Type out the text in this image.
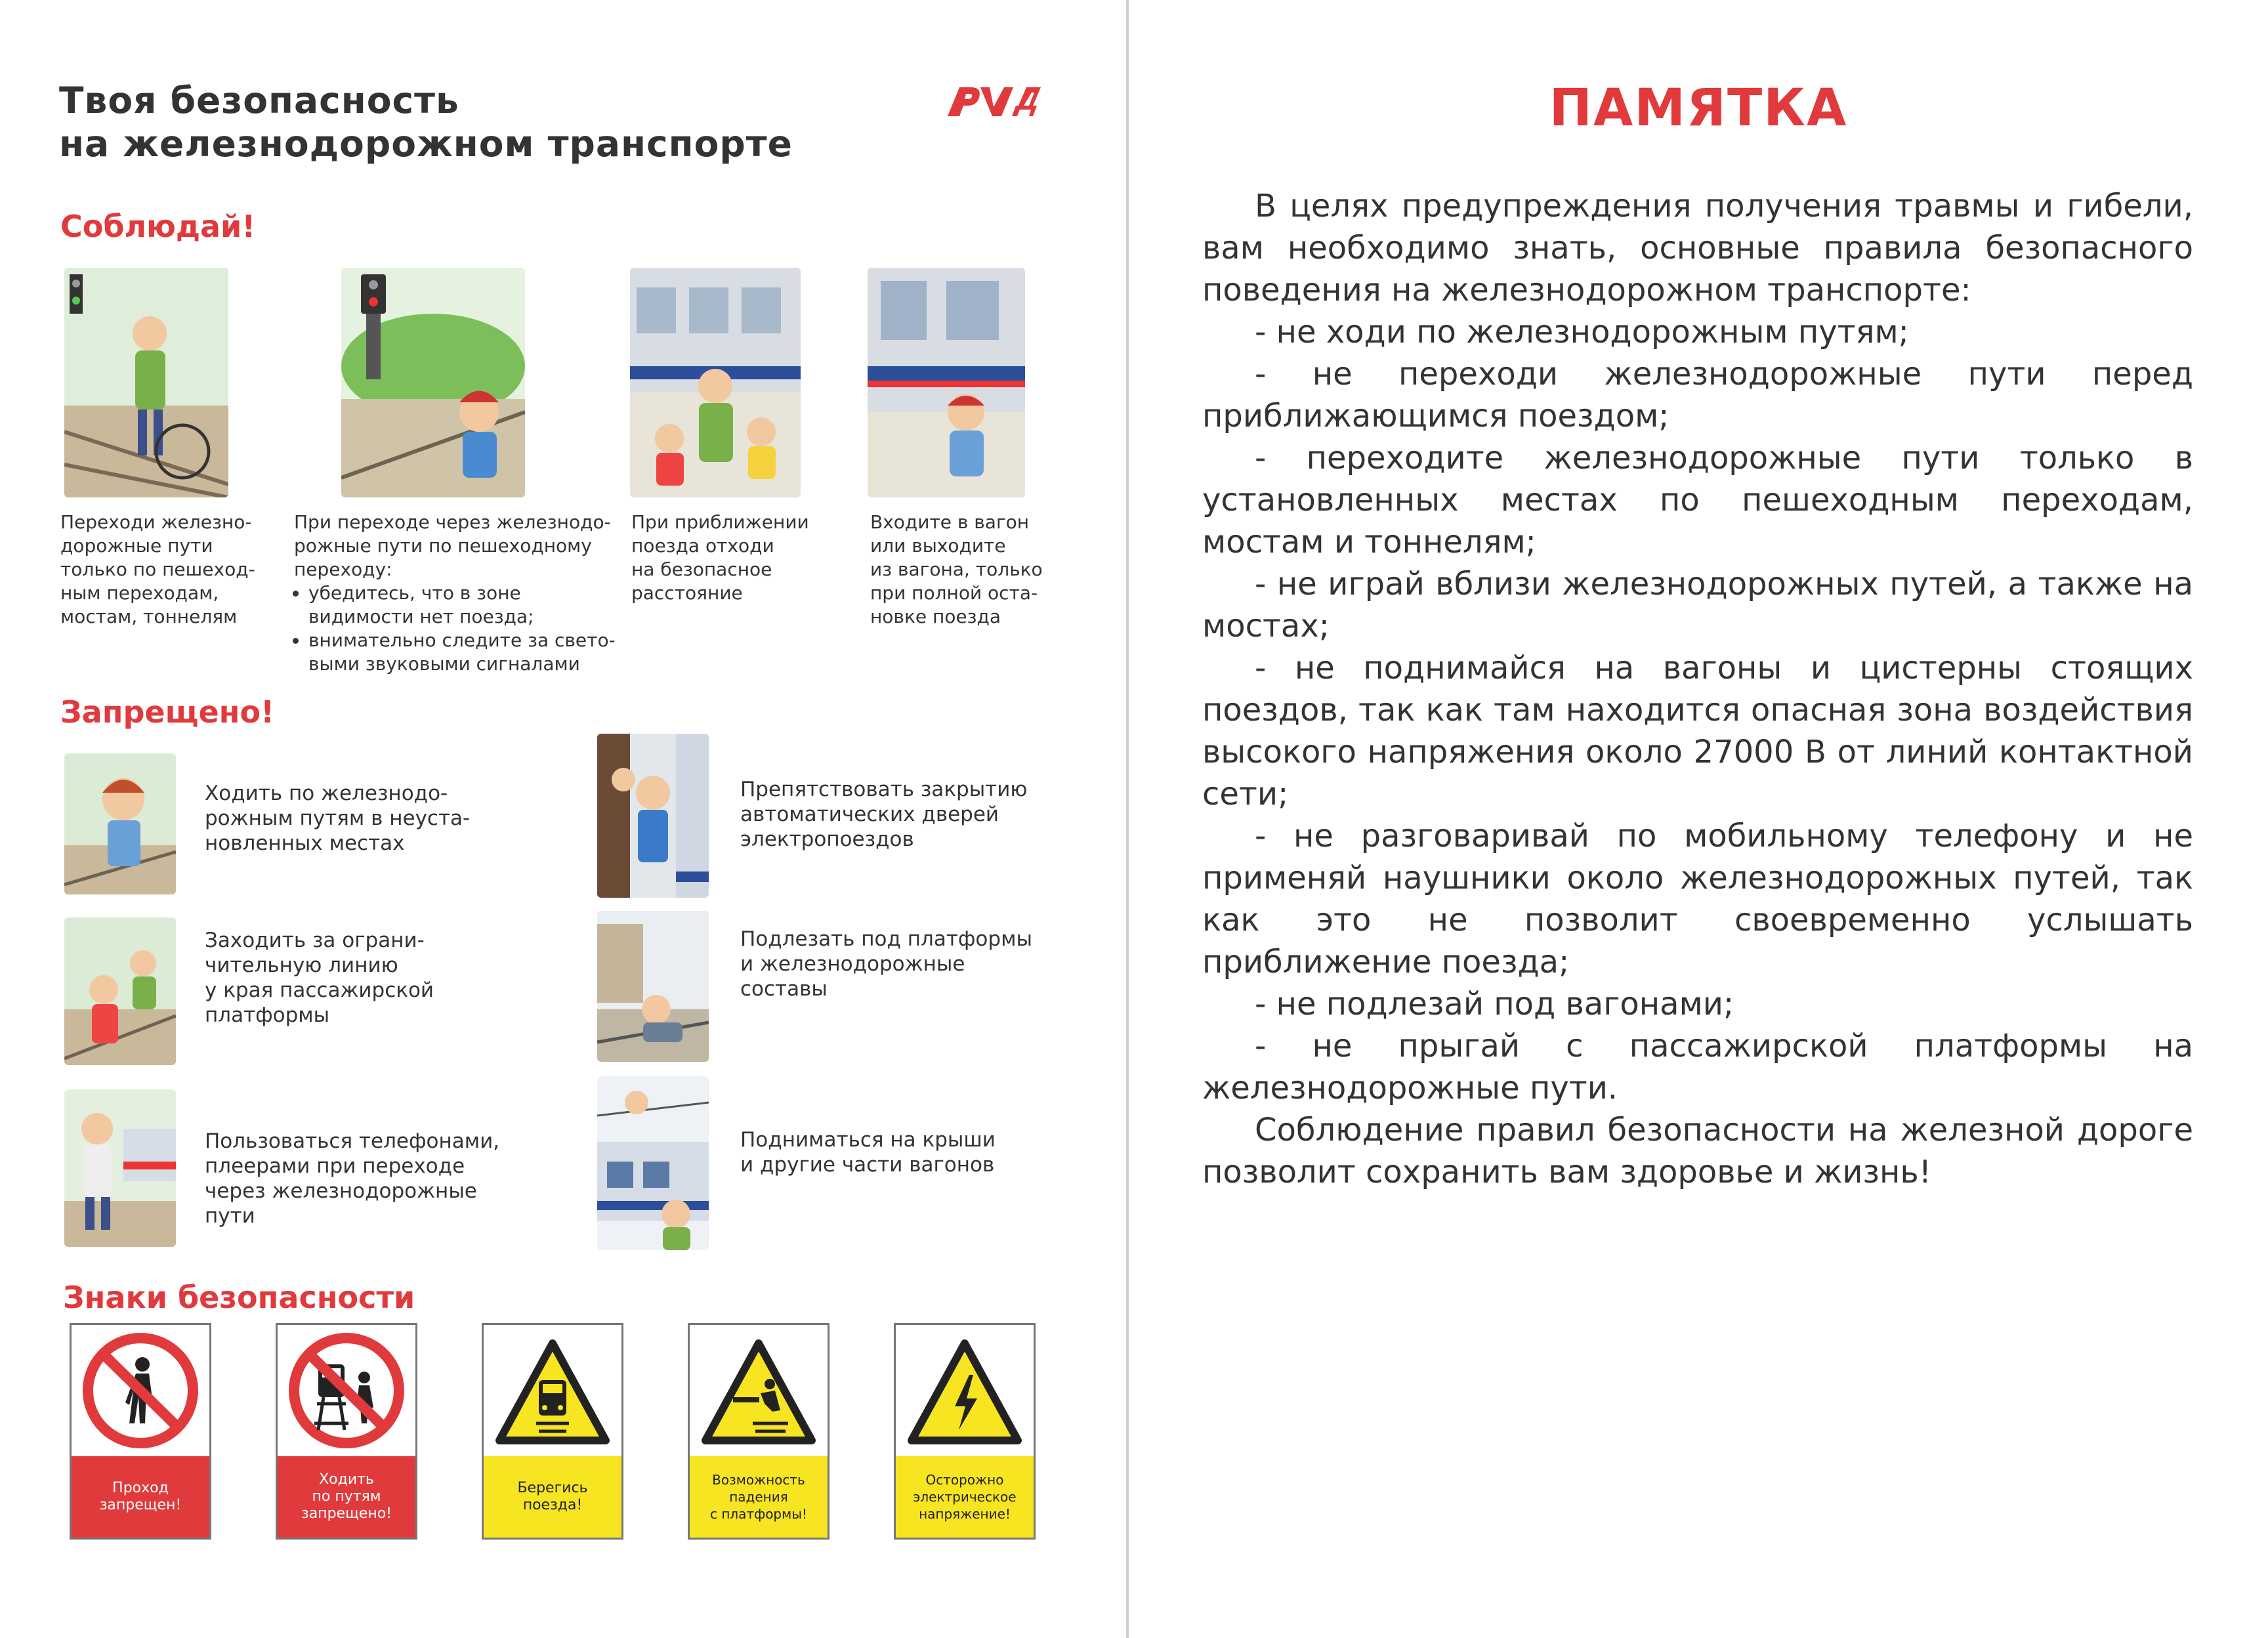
Твоя безопасность
на железнодорожном транспорте
Соблюдай!
Переходи железно-
дорожные пути
только по пешеход-
ным переходам,
мостам, тоннелям
При переходе через железнодо-
рожные пути по пешеходному
переходу:
• убедитесь, что в зоне видимости нет поезда;
• внимательно следите за свето-выми звуковыми сигналами
При приближении
поезда отходи
на безопасное
расстояние
Входите в вагон
или выходите
из вагона, только
при полной оста-
новке поезда
Запрещено!
Ходить по железнодо-
рожным путям в неуста-
новленных местах
Препятствовать закрытию
автоматических дверей
электропоездов
Заходить за ограни-
чительную линию
у края пассажирской
платформы
Подлезать под платформы
и железнодорожные
составы
Пользоваться телефонами,
плеерами при переходе
через железнодорожные
пути
Подниматься на крыши
и другие части вагонов
Знаки безопасности
Проход
запрещен!
Ходить
по путям
запрещено!
Берегись
поезда!
Возможность
падения
с платформы!
Осторожно
электрическое
напряжение!
ПАМЯТКА

В целях предупреждения получения травмы и гибели, вам необходимо знать, основные правила безопасного поведения на железнодорожном транспорте:

- не ходи по железнодорожным путям;

- не переходи железнодорожные пути перед приближающимся поездом;

- переходите железнодорожные пути только в установленных местах по пешеходным переходам, мостам и тоннелям;

- не играй вблизи железнодорожных путей, а также на мостах;

- не поднимайся на вагоны и цистерны стоящих поездов, так как там находится опасная зона воздействия высокого напряжения около 27000 В от линий контактной сети;

- не разговаривай по мобильному телефону и не применяй наушники около железнодорожных путей, так как это не позволит своевременно услышать приближение поезда;

- не подлезай под вагонами;

- не прыгай с пассажирской платформы на железнодорожные пути.

Соблюдение правил безопасности на железной дороге позволит сохранить вам здоровье и жизнь!
